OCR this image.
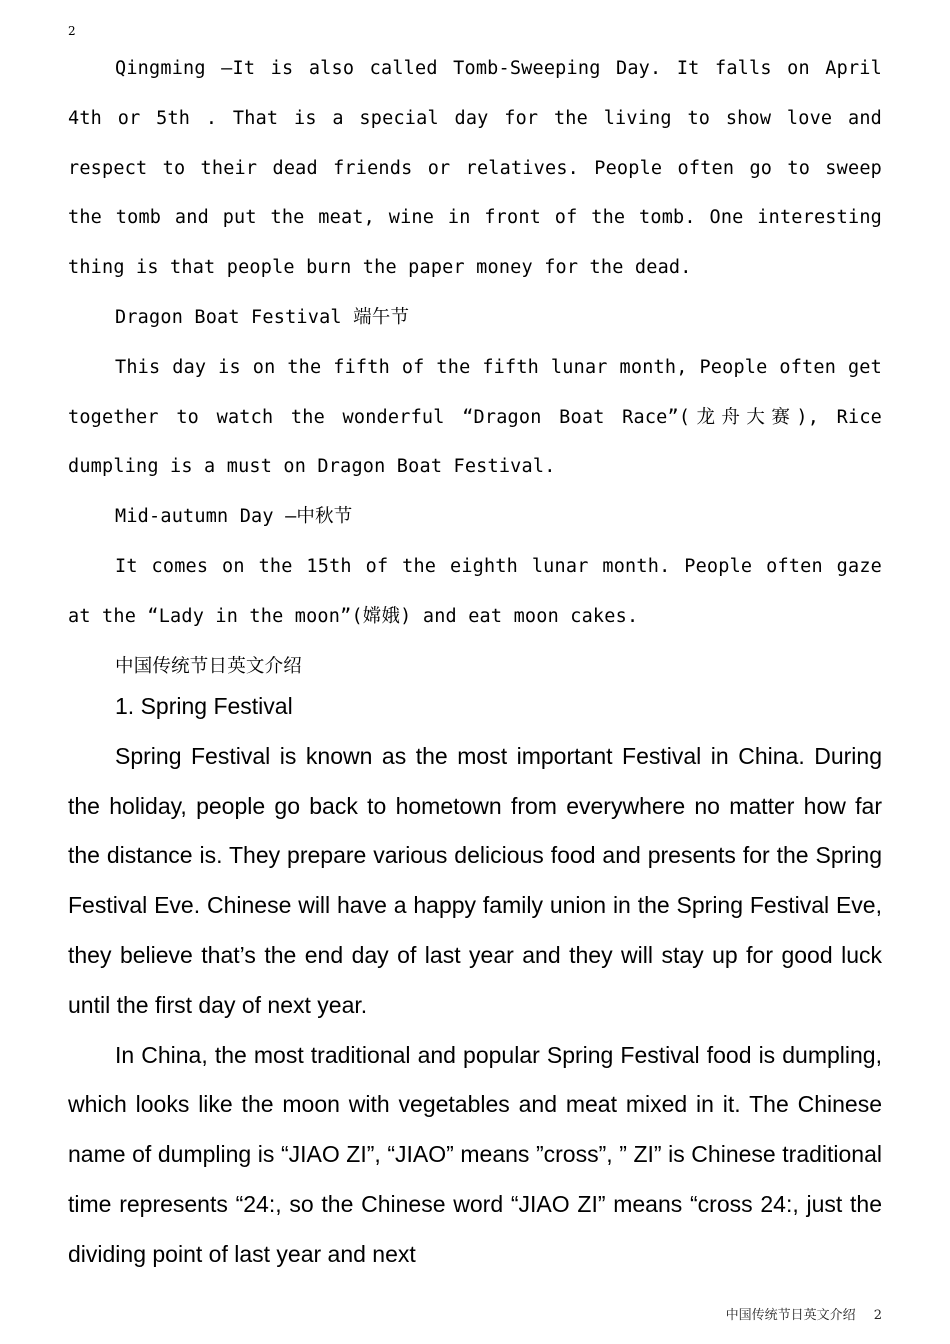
2

Qingming —It is also called Tomb-Sweeping Day. It falls on April 4th or 5th . That is a special day for the living to show love and respect to their dead friends or relatives. People often go to sweep the tomb and put the meat, wine in front of the tomb. One interesting thing is that people burn the paper money for the dead.

Dragon Boat Festival 端午节

This day is on the fifth of the fifth lunar month, People often get together to watch the wonderful “Dragon Boat Race”(龙舟大赛), Rice dumpling is a must on Dragon Boat Festival.

Mid-autumn Day —中秋节

It comes on the 15th of the eighth lunar month. People often gaze at the “Lady in the moon”(嫦娥) and eat moon cakes.

中国传统节日英文介绍

1. Spring Festival

Spring Festival is known as the most important Festival in China. During the holiday, people go back to hometown from everywhere no matter how far the distance is. They prepare various delicious food and presents for the Spring Festival Eve. Chinese will have a happy family union in the Spring Festival Eve, they believe that’s the end day of last year and they will stay up for good luck until the first day of next year.

In China, the most traditional and popular Spring Festival food is dumpling, which looks like the moon with vegetables and meat mixed in it. The Chinese name of dumpling is “JIAO ZI”, “JIAO” means ”cross”, ” ZI” is Chinese traditional time represents “24:, so the Chinese word “JIAO ZI” means “cross 24:, just the dividing point of last year and next

中国传统节日英文介绍 2
